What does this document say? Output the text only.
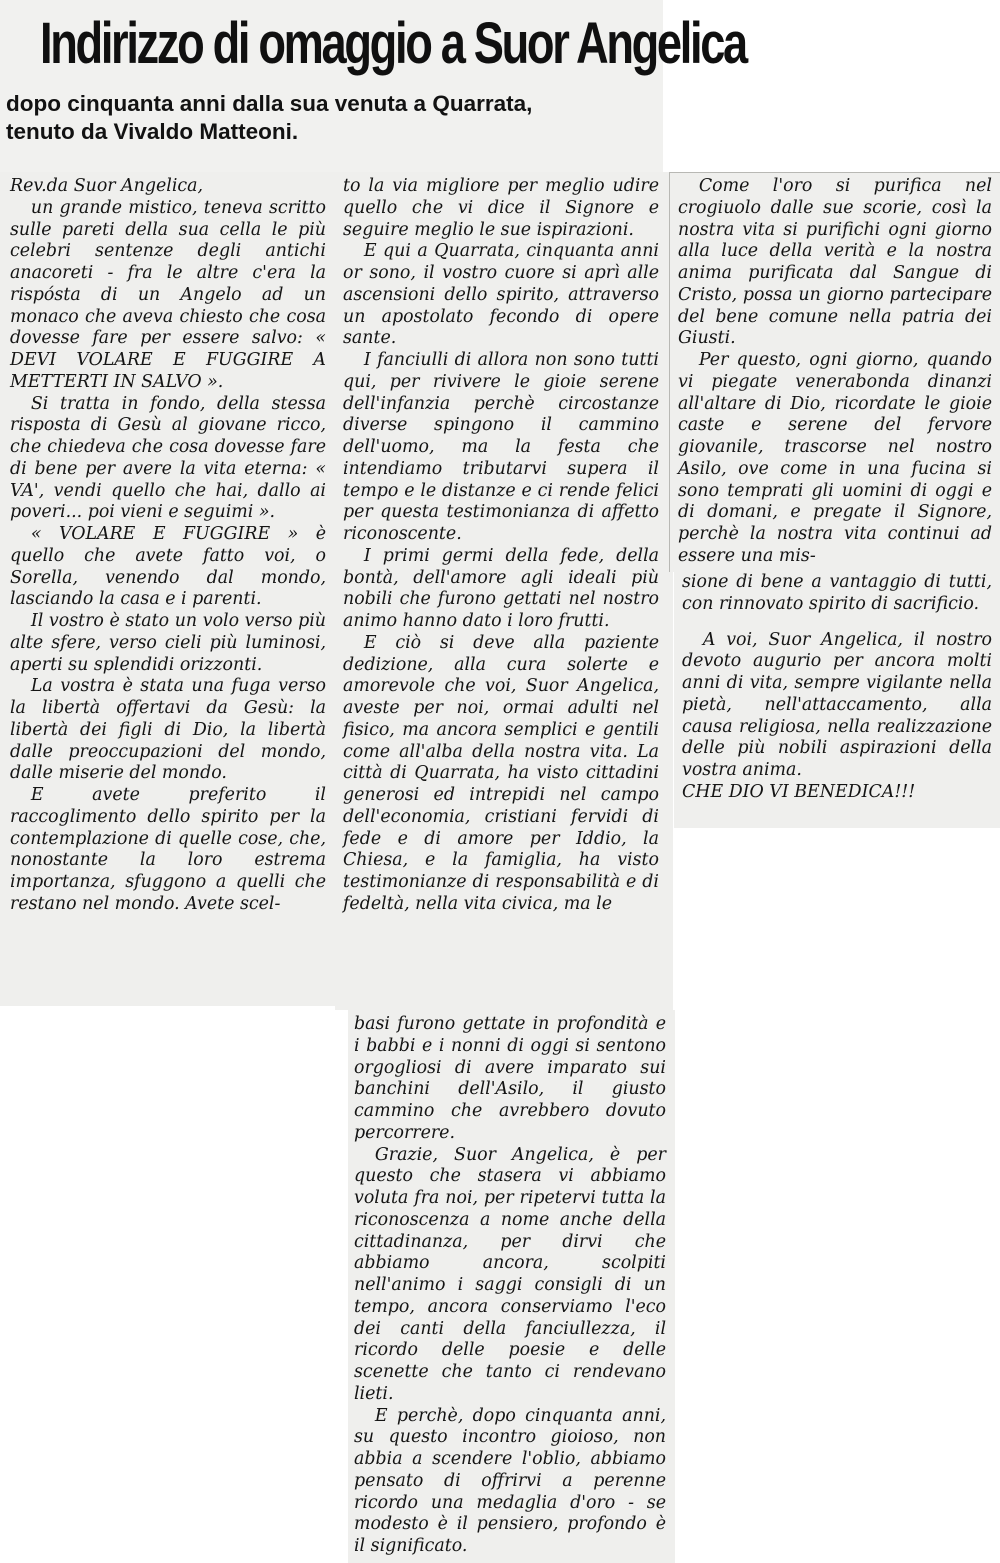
Indirizzo di omaggio a Suor Angelica
dopo cinquanta anni dalla sua venuta a Quarrata,
tenuto da Vivaldo Matteoni.

Rev.da Suor Angelica,

un grande mistico, teneva scritto sulle pareti della sua cella le più celebri sentenze degli antichi anacoreti - fra le altre c'era la rispósta di un Angelo ad un monaco che aveva chiesto che cosa dovesse fare per essere salvo: « DEVI VOLARE E FUGGIRE A METTERTI IN SALVO ».

Si tratta in fondo, della stessa risposta di Gesù al giovane ricco, che chiedeva che cosa dovesse fare di bene per avere la vita eterna: « VA', vendi quello che hai, dallo ai poveri... poi vieni e seguimi ».

« VOLARE E FUGGIRE » è quello che avete fatto voi, o Sorella, venendo dal mondo, lasciando la casa e i parenti.

Il vostro è stato un volo verso più alte sfere, verso cieli più luminosi, aperti su splendidi orizzonti.

La vostra è stata una fuga verso la libertà offertavi da Gesù: la libertà dei figli di Dio, la libertà dalle preoccupazioni del mondo, dalle miserie del mondo.

E avete preferito il raccoglimento dello spirito per la contemplazione di quelle cose, che, nonostante la loro estrema importanza, sfuggono a quelli che restano nel mondo. Avete scel-

to la via migliore per meglio udire quello che vi dice il Signore e seguire meglio le sue ispirazioni.

E qui a Quarrata, cinquanta anni or sono, il vostro cuore si aprì alle ascensioni dello spirito, attraverso un apostolato fecondo di opere sante.

I fanciulli di allora non sono tutti qui, per rivivere le gioie serene dell'infanzia perchè circostanze diverse spingono il cammino dell'uomo, ma la festa che intendiamo tributarvi supera il tempo e le distanze e ci rende felici per questa testimonianza di affetto riconoscente.

I primi germi della fede, della bontà, dell'amore agli ideali più nobili che furono gettati nel nostro animo hanno dato i loro frutti.

E ciò si deve alla paziente dedizione, alla cura solerte e amorevole che voi, Suor Angelica, aveste per noi, ormai adulti nel fisico, ma ancora semplici e gentili come all'alba della nostra vita. La città di Quarrata, ha visto cittadini generosi ed intrepidi nel campo dell'economia, cristiani fervidi di fede e di amore per Iddio, la Chiesa, e la famiglia, ha visto testimonianze di responsabilità e di fedeltà, nella vita civica, ma le

basi furono gettate in profondità e i babbi e i nonni di oggi si sentono orgogliosi di avere imparato sui banchini dell'Asilo, il giusto cammino che avrebbero dovuto percorrere.

Grazie, Suor Angelica, è per questo che stasera vi abbiamo voluta fra noi, per ripetervi tutta la riconoscenza a nome anche della cittadinanza, per dirvi che abbiamo ancora, scolpiti nell'animo i saggi consigli di un tempo, ancora conserviamo l'eco dei canti della fanciullezza, il ricordo delle poesie e delle scenette che tanto ci rendevano lieti.

E perchè, dopo cinquanta anni, su questo incontro gioioso, non abbia a scendere l'oblio, abbiamo pensato di offrirvi a perenne ricordo una medaglia d'oro - se modesto è il pensiero, profondo è il significato.

Come l'oro si purifica nel crogiuolo dalle sue scorie, così la nostra vita si purifichi ogni giorno alla luce della verità e la nostra anima purificata dal Sangue di Cristo, possa un giorno partecipare del bene comune nella patria dei Giusti.

Per questo, ogni giorno, quando vi piegate venerabonda dinanzi all'altare di Dio, ricordate le gioie caste e serene del fervore giovanile, trascorse nel nostro Asilo, ove come in una fucina si sono temprati gli uomini di oggi e di domani, e pregate il Signore, perchè la nostra vita continui ad essere una mis-

sione di bene a vantaggio di tutti, con rinnovato spirito di sacrificio.

A voi, Suor Angelica, il nostro devoto augurio per ancora molti anni di vita, sempre vigilante nella pietà, nell'attaccamento, alla causa religiosa, nella realizzazione delle più nobili aspirazioni della vostra anima.

CHE DIO VI BENEDICA!!!
